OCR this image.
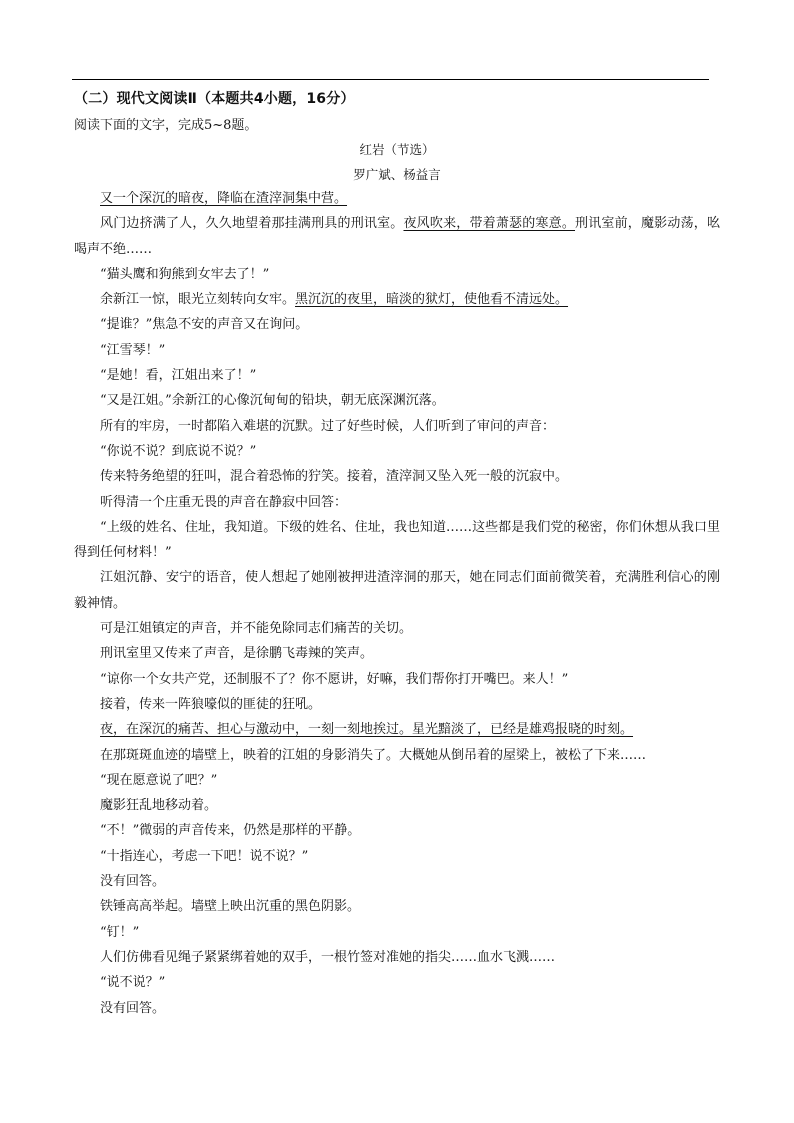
（二）现代文阅读Ⅱ（本题共4小题，16分）
阅读下面的文字，完成5~8题。
红岩（节选）
罗广斌、杨益言

又一个深沉的暗夜，降临在渣滓洞集中营。

风门边挤满了人，久久地望着那挂满刑具的刑讯室。夜风吹来，带着萧瑟的寒意。刑讯室前，魔影动荡，吆喝声不绝……

“猫头鹰和狗熊到女牢去了！”

余新江一惊，眼光立刻转向女牢。黑沉沉的夜里，暗淡的狱灯，使他看不清远处。

“提谁？”焦急不安的声音又在询问。

“江雪琴！”

“是她！看，江姐出来了！”

“又是江姐。”余新江的心像沉甸甸的铅块，朝无底深渊沉落。

所有的牢房，一时都陷入难堪的沉默。过了好些时候，人们听到了审问的声音：

“你说不说？到底说不说？”

传来特务绝望的狂叫，混合着恐怖的狞笑。接着，渣滓洞又坠入死一般的沉寂中。

听得清一个庄重无畏的声音在静寂中回答：

“上级的姓名、住址，我知道。下级的姓名、住址，我也知道……这些都是我们党的秘密，你们休想从我口里得到任何材料！”

江姐沉静、安宁的语音，使人想起了她刚被押进渣滓洞的那天，她在同志们面前微笑着，充满胜利信心的刚毅神情。

可是江姐镇定的声音，并不能免除同志们痛苦的关切。

刑讯室里又传来了声音，是徐鹏飞毒辣的笑声。

“谅你一个女共产党，还制服不了？你不愿讲，好嘛，我们帮你打开嘴巴。来人！”

接着，传来一阵狼嚎似的匪徒的狂吼。

夜，在深沉的痛苦、担心与激动中，一刻一刻地挨过。星光黯淡了，已经是雄鸡报晓的时刻。

在那斑斑血迹的墙壁上，映着的江姐的身影消失了。大概她从倒吊着的屋梁上，被松了下来……

“现在愿意说了吧？”

魔影狂乱地移动着。

“不！”微弱的声音传来，仍然是那样的平静。

“十指连心，考虑一下吧！说不说？”

没有回答。

铁锤高高举起。墙壁上映出沉重的黑色阴影。

“钉！”

人们仿佛看见绳子紧紧绑着她的双手，一根竹签对准她的指尖……血水飞溅……

“说不说？”

没有回答。
